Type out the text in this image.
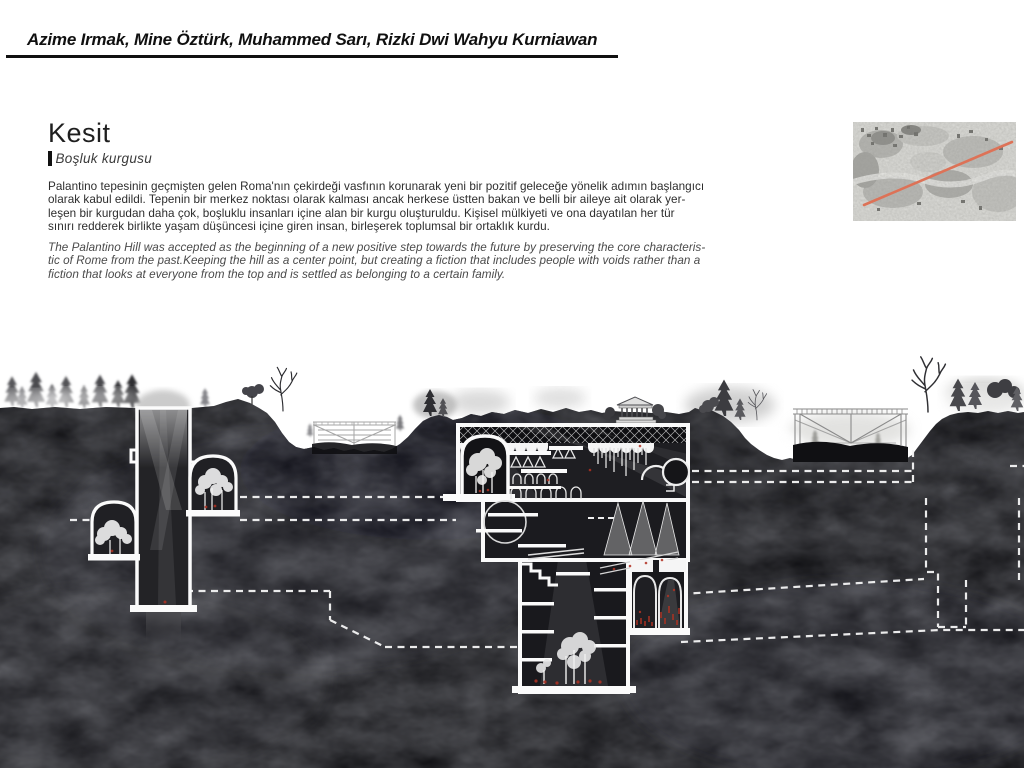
Azime Irmak, Mine Öztürk, Muhammed Sarı, Rizki Dwi Wahyu Kurniawan
Kesit
Boşluk kurgusu
Palantino tepesinin geçmişten gelen Roma'nın çekirdeği vasfının korunarak yeni bir pozitif geleceğe yönelik adımın başlangıcı
olarak kabul edildi. Tepenin bir merkez noktası olarak kalması ancak herkese üstten bakan ve belli bir aileye ait olarak yer-
leşen bir kurgudan daha çok, boşluklu insanları içine alan bir kurgu oluşturuldu. Kişisel mülkiyeti ve ona dayatılan her tür
sınırı redderek birlikte yaşam düşüncesi içine giren insan, birleşerek toplumsal bir ortaklık kurdu.
The Palantino Hill was accepted as the beginning of a new positive step towards the future by preserving the core characteris-
tic of Rome from the past.Keeping the hill as a center point, but creating a fiction that includes people with voids rather than a
fiction that looks at everyone from the top and is settled as belonging to a certain family.
